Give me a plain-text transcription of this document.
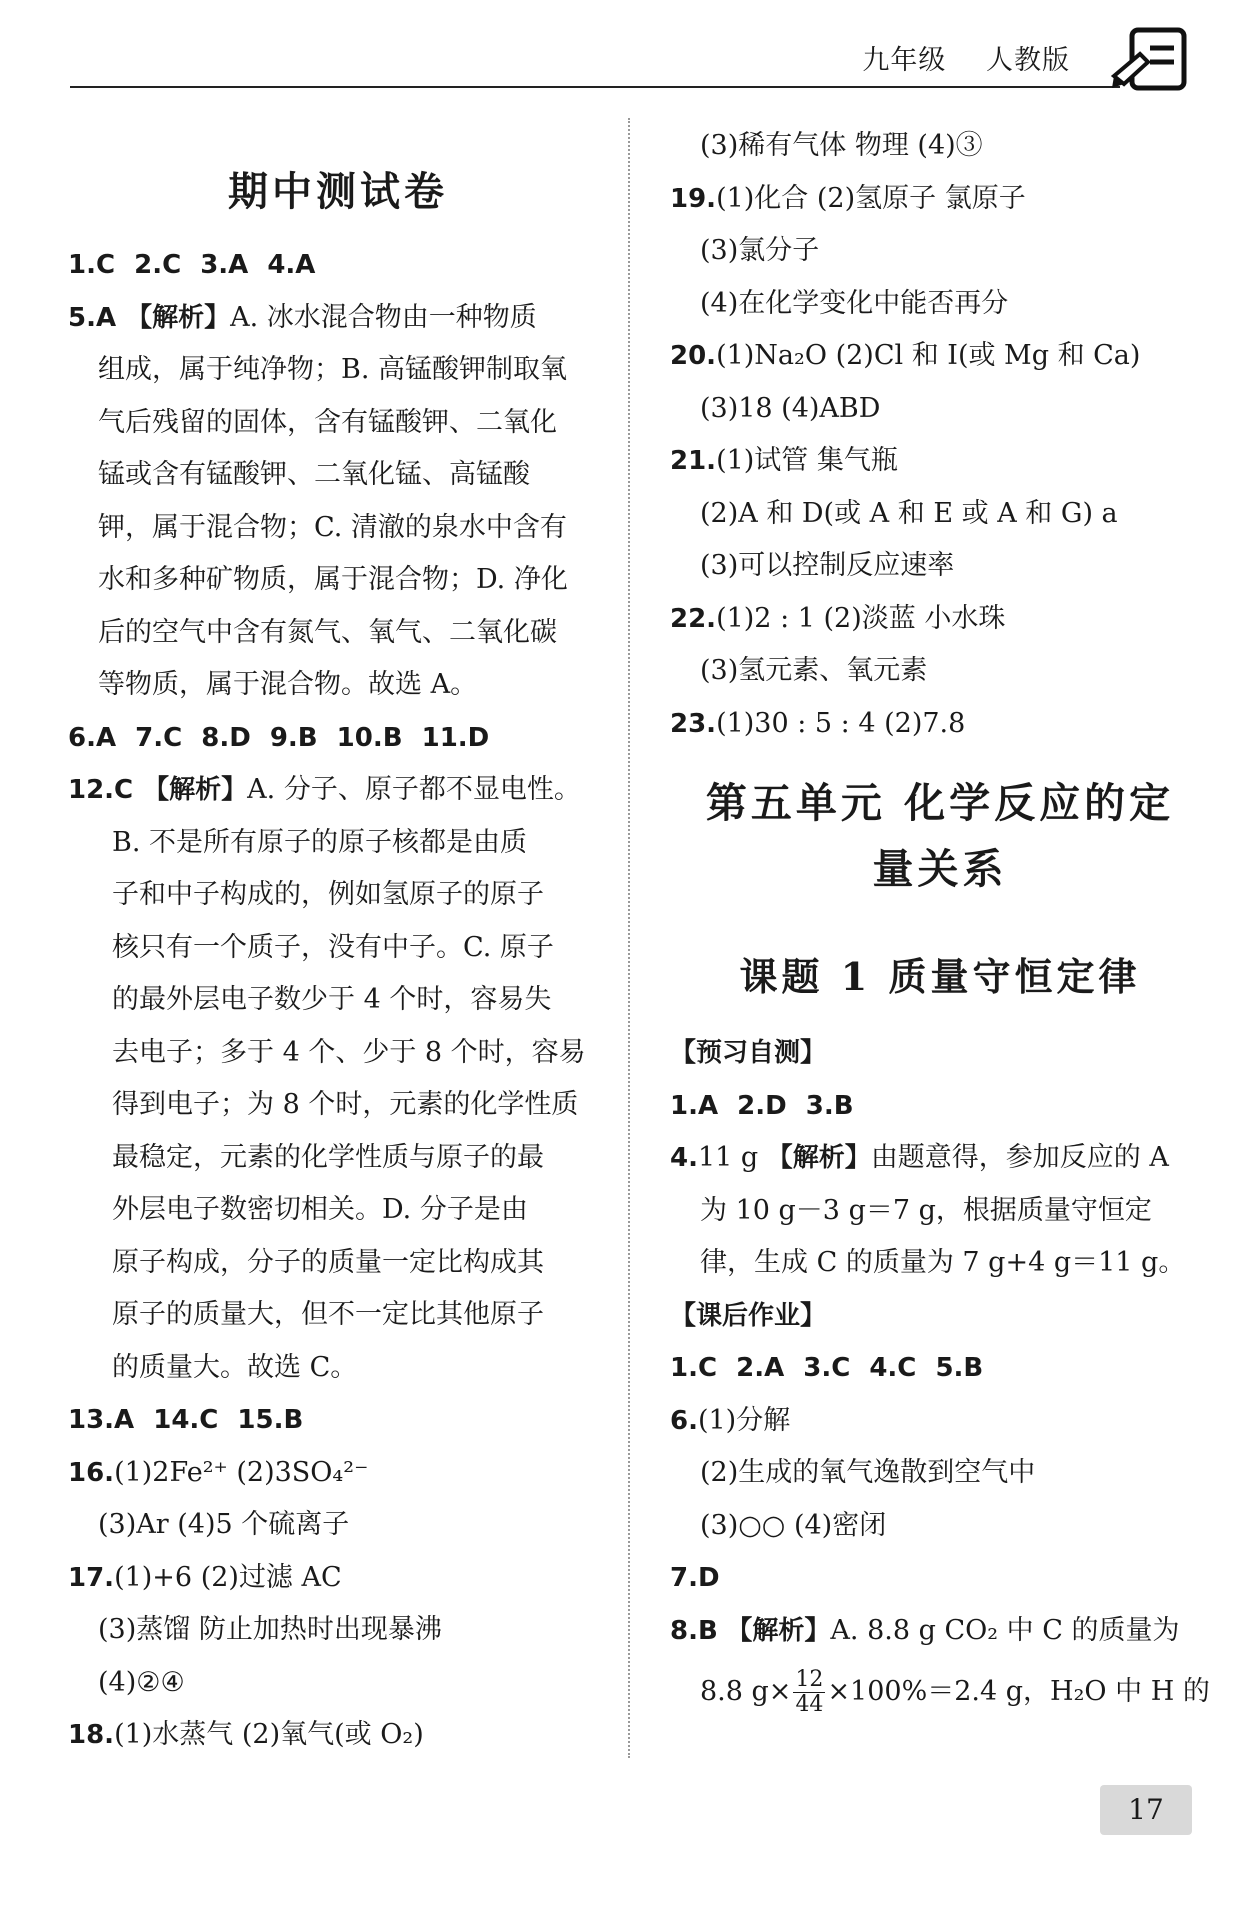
九年级 人教版
期中测试卷
1.C 2.C 3.A 4.A
5.A 【解析】A. 冰水混合物由一种物质
组成，属于纯净物；B. 高锰酸钾制取氧
气后残留的固体，含有锰酸钾、二氧化
锰或含有锰酸钾、二氧化锰、高锰酸
钾，属于混合物；C. 清澈的泉水中含有
水和多种矿物质，属于混合物；D. 净化
后的空气中含有氮气、氧气、二氧化碳
等物质，属于混合物。故选 A。
6.A 7.C 8.D 9.B 10.B 11.D
12.C 【解析】A. 分子、原子都不显电性。
B. 不是所有原子的原子核都是由质
子和中子构成的，例如氢原子的原子
核只有一个质子，没有中子。C. 原子
的最外层电子数少于 4 个时，容易失
去电子；多于 4 个、少于 8 个时，容易
得到电子；为 8 个时，元素的化学性质
最稳定，元素的化学性质与原子的最
外层电子数密切相关。D. 分子是由
原子构成，分子的质量一定比构成其
原子的质量大，但不一定比其他原子
的质量大。故选 C。
13.A 14.C 15.B
16.(1)2Fe²⁺ (2)3SO₄²⁻
(3)Ar (4)5 个硫离子
17.(1)+6 (2)过滤 AC
(3)蒸馏 防止加热时出现暴沸
(4)②④
18.(1)水蒸气 (2)氧气(或 O₂)
(3)稀有气体 物理 (4)③
19.(1)化合 (2)氢原子 氯原子
(3)氯分子
(4)在化学变化中能否再分
20.(1)Na₂O (2)Cl 和 I(或 Mg 和 Ca)
(3)18 (4)ABD
21.(1)试管 集气瓶
(2)A 和 D(或 A 和 E 或 A 和 G) a
(3)可以控制反应速率
22.(1)2 : 1 (2)淡蓝 小水珠
(3)氢元素、氧元素
23.(1)30 : 5 : 4 (2)7.8
第五单元 化学反应的定
量关系
课题 1 质量守恒定律
【预习自测】
1.A 2.D 3.B
4.11 g 【解析】由题意得，参加反应的 A
为 10 g－3 g＝7 g，根据质量守恒定
律，生成 C 的质量为 7 g+4 g＝11 g。
【课后作业】
1.C 2.A 3.C 4.C 5.B
6.(1)分解
(2)生成的氧气逸散到空气中
(3)○○ (4)密闭
7.D
8.B 【解析】A. 8.8 g CO₂ 中 C 的质量为
8.8 $g\times \frac{12}{44} \times 100\%=2.4$ g，H₂O 中 H 的
17
